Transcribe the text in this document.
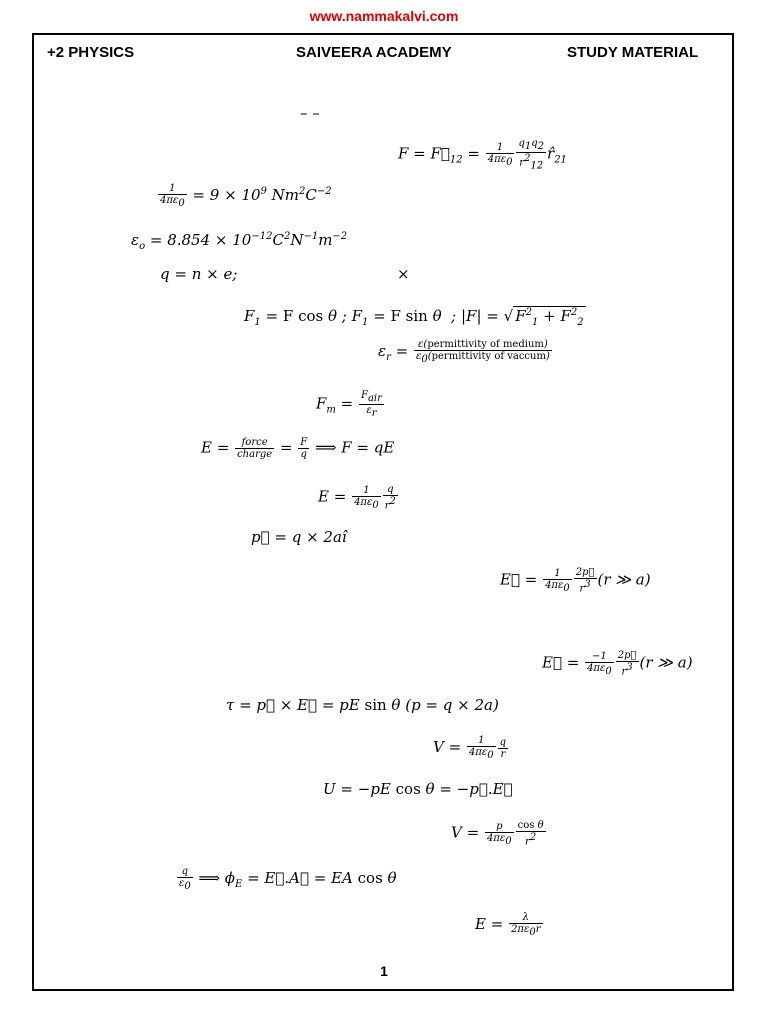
www.nammakalvi.com
+2 PHYSICS	SAIVEERA ACADEMY	STUDY MATERIAL
– –
$F = F⃗_{12} = \frac{1}{4\pi\varepsilon_0} \frac{q_1q_2}{r^2_{12}}$ $r̂_{21}$
$\frac{1}{4\pi\varepsilon_0} = 9 \times 10^9$ $Nm^2C^{-2}$
$\varepsilon_o = 8.854 \times 10^{-12}C^2N^{-1}m^{-2}$
q = n × e;	×
$F_1 = F$ cos θ ; $F_1 = F$ sin θ  ; |F| = √ $F^2_1 + F^2_2$
$\varepsilon_r = \frac{\text{ε(permittivity of medium)}}{\varepsilon_0(permittivity of vaccum)}$
$F_m = \frac{F_{air}}{\varepsilon_r}$
$E = \frac{\text{force}}{\text{charge}} = \frac{F}{q}$ ⟹ F = qE
$E = \frac{1}{4\pi\varepsilon_0} \frac{q}{r^2}$
p⃗ = q × 2aî
E⃗ = $\frac{1}{4\pi\varepsilon_0} \frac{2p⃗}{r^3} (r$ ≫ a)
E⃗ = $\frac{-1}{4\pi\varepsilon_0} \frac{2p⃗}{r^3} (r$ ≫ a)
τ = p⃗ × E⃗ = pE sin θ (p = q × 2a)
$V = \frac{1}{4\pi\varepsilon_0} \frac{q}{r}$
U = −pE cos θ = −p⃗.E⃗
$V = \frac{p}{4\pi\varepsilon_0} \frac{\text{cos θ}}{r^2}$
$\frac{q}{\varepsilon_0}$ ⟹ $\phi_E$ = E⃗.A⃗ = EA cos θ
$E = \frac{\lambda}{2\pi\varepsilon_0r}$
1
